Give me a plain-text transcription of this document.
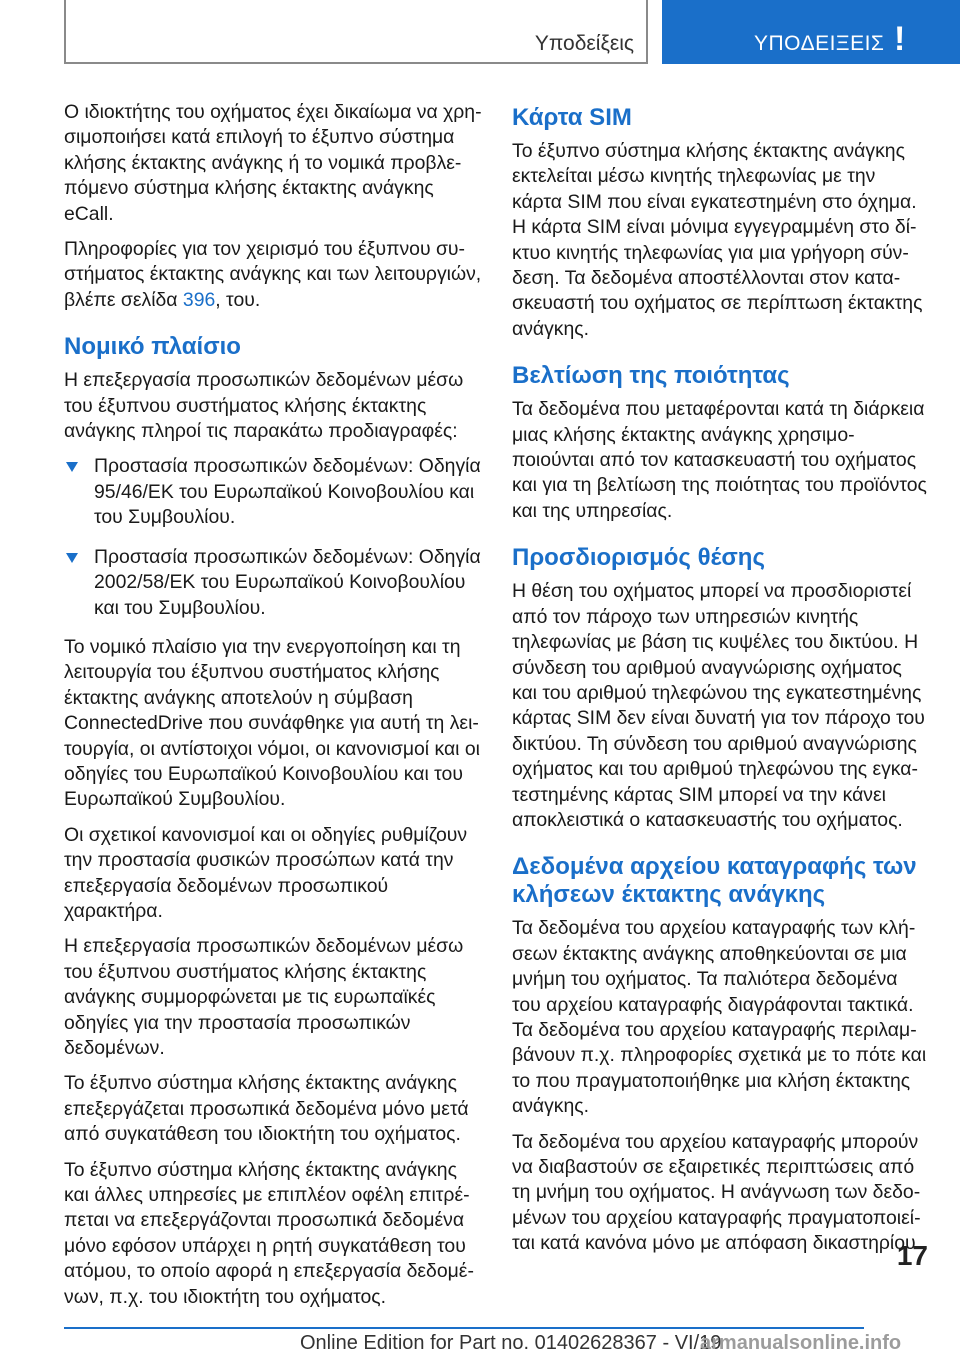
Υποδείξεις	ΥΠΟΔΕΙΞΕΙΣ !

Ο ιδιοκτήτης του οχήματος έχει δικαίωμα να χρησιμοποιήσει κατά επιλογή το έξυπνο σύστημα κλήσης έκτακτης ανάγκης ή το νομικά προβλεπόμενο σύστημα κλήσης έκτακτης ανάγκης eCall.

Πληροφορίες για τον χειρισμό του έξυπνου συστήματος έκτακτης ανάγκης και των λειτουργιών, βλέπε σελίδα 396, του.

Νομικό πλαίσιο

Η επεξεργασία προσωπικών δεδομένων μέσω του έξυπνου συστήματος κλήσης έκτακτης ανάγκης πληροί τις παρακάτω προδιαγραφές:

Προστασία προσωπικών δεδομένων: Οδηγία 95/46/ΕΚ του Ευρωπαϊκού Κοινοβουλίου και του Συμβουλίου.

Προστασία προσωπικών δεδομένων: Οδηγία 2002/58/ΕΚ του Ευρωπαϊκού Κοινοβουλίου και του Συμβουλίου.

Το νομικό πλαίσιο για την ενεργοποίηση και τη λειτουργία του έξυπνου συστήματος κλήσης έκτακτης ανάγκης αποτελούν η σύμβαση ConnectedDrive που συνάφθηκε για αυτή τη λειτουργία, οι αντίστοιχοι νόμοι, οι κανονισμοί και οι οδηγίες του Ευρωπαϊκού Κοινοβουλίου και του Ευρωπαϊκού Συμβουλίου.

Οι σχετικοί κανονισμοί και οι οδηγίες ρυθμίζουν την προστασία φυσικών προσώπων κατά την επεξεργασία δεδομένων προσωπικού χαρακτήρα.

Η επεξεργασία προσωπικών δεδομένων μέσω του έξυπνου συστήματος κλήσης έκτακτης ανάγκης συμμορφώνεται με τις ευρωπαϊκές οδηγίες για την προστασία προσωπικών δεδομένων.

Το έξυπνο σύστημα κλήσης έκτακτης ανάγκης επεξεργάζεται προσωπικά δεδομένα μόνο μετά από συγκατάθεση του ιδιοκτήτη του οχήματος.

Το έξυπνο σύστημα κλήσης έκτακτης ανάγκης και άλλες υπηρεσίες με επιπλέον οφέλη επιτρέπεται να επεξεργάζονται προσωπικά δεδομένα μόνο εφόσον υπάρχει η ρητή συγκατάθεση του ατόμου, το οποίο αφορά η επεξεργασία δεδομένων, π.χ. του ιδιοκτήτη του οχήματος.

Κάρτα SIM

Το έξυπνο σύστημα κλήσης έκτακτης ανάγκης εκτελείται μέσω κινητής τηλεφωνίας με την κάρτα SIM που είναι εγκατεστημένη στο όχημα. Η κάρτα SIM είναι μόνιμα εγγεγραμμένη στο δίκτυο κινητής τηλεφωνίας για μια γρήγορη σύνδεση. Τα δεδομένα αποστέλλονται στον κατασκευαστή του οχήματος σε περίπτωση έκτακτης ανάγκης.

Βελτίωση της ποιότητας

Τα δεδομένα που μεταφέρονται κατά τη διάρκεια μιας κλήσης έκτακτης ανάγκης χρησιμοποιούνται από τον κατασκευαστή του οχήματος και για τη βελτίωση της ποιότητας του προϊόντος και της υπηρεσίας.

Προσδιορισμός θέσης

Η θέση του οχήματος μπορεί να προσδιοριστεί από τον πάροχο των υπηρεσιών κινητής τηλεφωνίας με βάση τις κυψέλες του δικτύου. Η σύνδεση του αριθμού αναγνώρισης οχήματος και του αριθμού τηλεφώνου της εγκατεστημένης κάρτας SIM δεν είναι δυνατή για τον πάροχο του δικτύου. Τη σύνδεση του αριθμού αναγνώρισης οχήματος και του αριθμού τηλεφώνου της εγκατεστημένης κάρτας SIM μπορεί να την κάνει αποκλειστικά ο κατασκευαστής του οχήματος.

Δεδομένα αρχείου καταγραφής των κλήσεων έκτακτης ανάγκης

Τα δεδομένα του αρχείου καταγραφής των κλήσεων έκτακτης ανάγκης αποθηκεύονται σε μια μνήμη του οχήματος. Τα παλιότερα δεδομένα του αρχείου καταγραφής διαγράφονται τακτικά. Τα δεδομένα του αρχείου καταγραφής περιλαμβάνουν π.χ. πληροφορίες σχετικά με το πότε και το που πραγματοποιήθηκε μια κλήση έκτακτης ανάγκης.

Τα δεδομένα του αρχείου καταγραφής μπορούν να διαβαστούν σε εξαιρετικές περιπτώσεις από τη μνήμη του οχήματος. Η ανάγνωση των δεδομένων του αρχείου καταγραφής πραγματοποιείται κατά κανόνα μόνο με απόφαση δικαστηρίου

17
Online Edition for Part no. 01402628367 - VI/19
armanualsonline.info
